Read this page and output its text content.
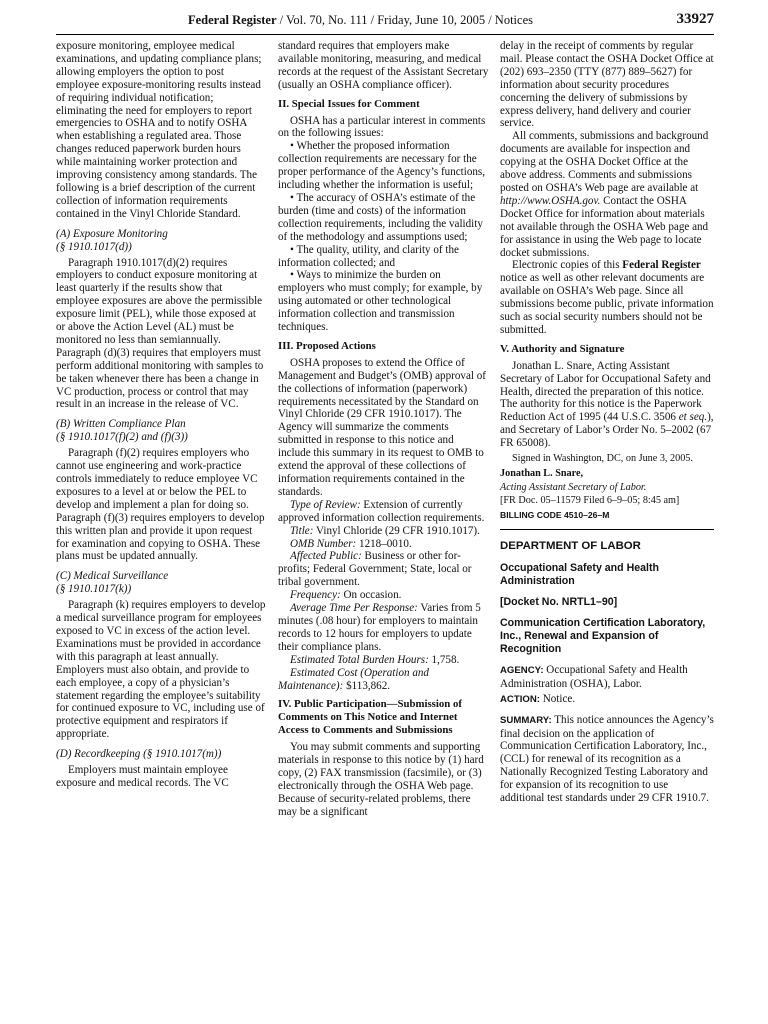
Federal Register / Vol. 70, No. 111 / Friday, June 10, 2005 / Notices	33927

exposure monitoring, employee medical examinations, and updating compliance plans; allowing employers the option to post employee exposure-monitoring results instead of requiring individual notification; eliminating the need for employers to report emergencies to OSHA and to notify OSHA when establishing a regulated area. Those changes reduced paperwork burden hours while maintaining worker protection and improving consistency among standards. The following is a brief description of the current collection of information requirements contained in the Vinyl Chloride Standard.

(A) Exposure Monitoring
(§ 1910.1017(d))

Paragraph 1910.1017(d)(2) requires employers to conduct exposure monitoring at least quarterly if the results show that employee exposures are above the permissible exposure limit (PEL), while those exposed at or above the Action Level (AL) must be monitored no less than semiannually. Paragraph (d)(3) requires that employers must perform additional monitoring with samples to be taken whenever there has been a change in VC production, process or control that may result in an increase in the release of VC.

(B) Written Compliance Plan
(§ 1910.1017(f)(2) and (f)(3))

Paragraph (f)(2) requires employers who cannot use engineering and work-practice controls immediately to reduce employee VC exposures to a level at or below the PEL to develop and implement a plan for doing so. Paragraph (f)(3) requires employers to develop this written plan and provide it upon request for examination and copying to OSHA. These plans must be updated annually.

(C) Medical Surveillance
(§ 1910.1017(k))

Paragraph (k) requires employers to develop a medical surveillance program for employees exposed to VC in excess of the action level. Examinations must be provided in accordance with this paragraph at least annually. Employers must also obtain, and provide to each employee, a copy of a physician’s statement regarding the employee’s suitability for continued exposure to VC, including use of protective equipment and respirators if appropriate.

(D) Recordkeeping (§ 1910.1017(m))

Employers must maintain employee exposure and medical records. The VC

standard requires that employers make available monitoring, measuring, and medical records at the request of the Assistant Secretary (usually an OSHA compliance officer).

II. Special Issues for Comment

OSHA has a particular interest in comments on the following issues:

• Whether the proposed information collection requirements are necessary for the proper performance of the Agency’s functions, including whether the information is useful;

• The accuracy of OSHA’s estimate of the burden (time and costs) of the information collection requirements, including the validity of the methodology and assumptions used;

• The quality, utility, and clarity of the information collected; and

• Ways to minimize the burden on employers who must comply; for example, by using automated or other technological information collection and transmission techniques.

III. Proposed Actions

OSHA proposes to extend the Office of Management and Budget’s (OMB) approval of the collections of information (paperwork) requirements necessitated by the Standard on Vinyl Chloride (29 CFR 1910.1017). The Agency will summarize the comments submitted in response to this notice and include this summary in its request to OMB to extend the approval of these collections of information requirements contained in the standards.

Type of Review: Extension of currently approved information collection requirements.

Title: Vinyl Chloride (29 CFR 1910.1017).

OMB Number: 1218–0010.

Affected Public: Business or other for-profits; Federal Government; State, local or tribal government.

Frequency: On occasion.

Average Time Per Response: Varies from 5 minutes (.08 hour) for employers to maintain records to 12 hours for employers to update their compliance plans.

Estimated Total Burden Hours: 1,758.

Estimated Cost (Operation and Maintenance): $113,862.

IV. Public Participation—Submission of Comments on This Notice and Internet Access to Comments and Submissions

You may submit comments and supporting materials in response to this notice by (1) hard copy, (2) FAX transmission (facsimile), or (3) electronically through the OSHA Web page. Because of security-related problems, there may be a significant

delay in the receipt of comments by regular mail. Please contact the OSHA Docket Office at (202) 693–2350 (TTY (877) 889–5627) for information about security procedures concerning the delivery of submissions by express delivery, hand delivery and courier service.

All comments, submissions and background documents are available for inspection and copying at the OSHA Docket Office at the above address. Comments and submissions posted on OSHA’s Web page are available at http://www.OSHA.gov. Contact the OSHA Docket Office for information about materials not available through the OSHA Web page and for assistance in using the Web page to locate docket submissions.

Electronic copies of this Federal Register notice as well as other relevant documents are available on OSHA’s Web page. Since all submissions become public, private information such as social security numbers should not be submitted.

V. Authority and Signature

Jonathan L. Snare, Acting Assistant Secretary of Labor for Occupational Safety and Health, directed the preparation of this notice. The authority for this notice is the Paperwork Reduction Act of 1995 (44 U.S.C. 3506 et seq.), and Secretary of Labor’s Order No. 5–2002 (67 FR 65008).

Signed in Washington, DC, on June 3, 2005.

Jonathan L. Snare,

Acting Assistant Secretary of Labor.

[FR Doc. 05–11579 Filed 6–9–05; 8:45 am]

BILLING CODE 4510–26–M

DEPARTMENT OF LABOR

Occupational Safety and Health Administration

[Docket No. NRTL1–90]

Communication Certification Laboratory, Inc., Renewal and Expansion of Recognition

AGENCY: Occupational Safety and Health Administration (OSHA), Labor.

ACTION: Notice.

SUMMARY: This notice announces the Agency’s final decision on the application of Communication Certification Laboratory, Inc., (CCL) for renewal of its recognition as a Nationally Recognized Testing Laboratory and for expansion of its recognition to use additional test standards under 29 CFR 1910.7.
